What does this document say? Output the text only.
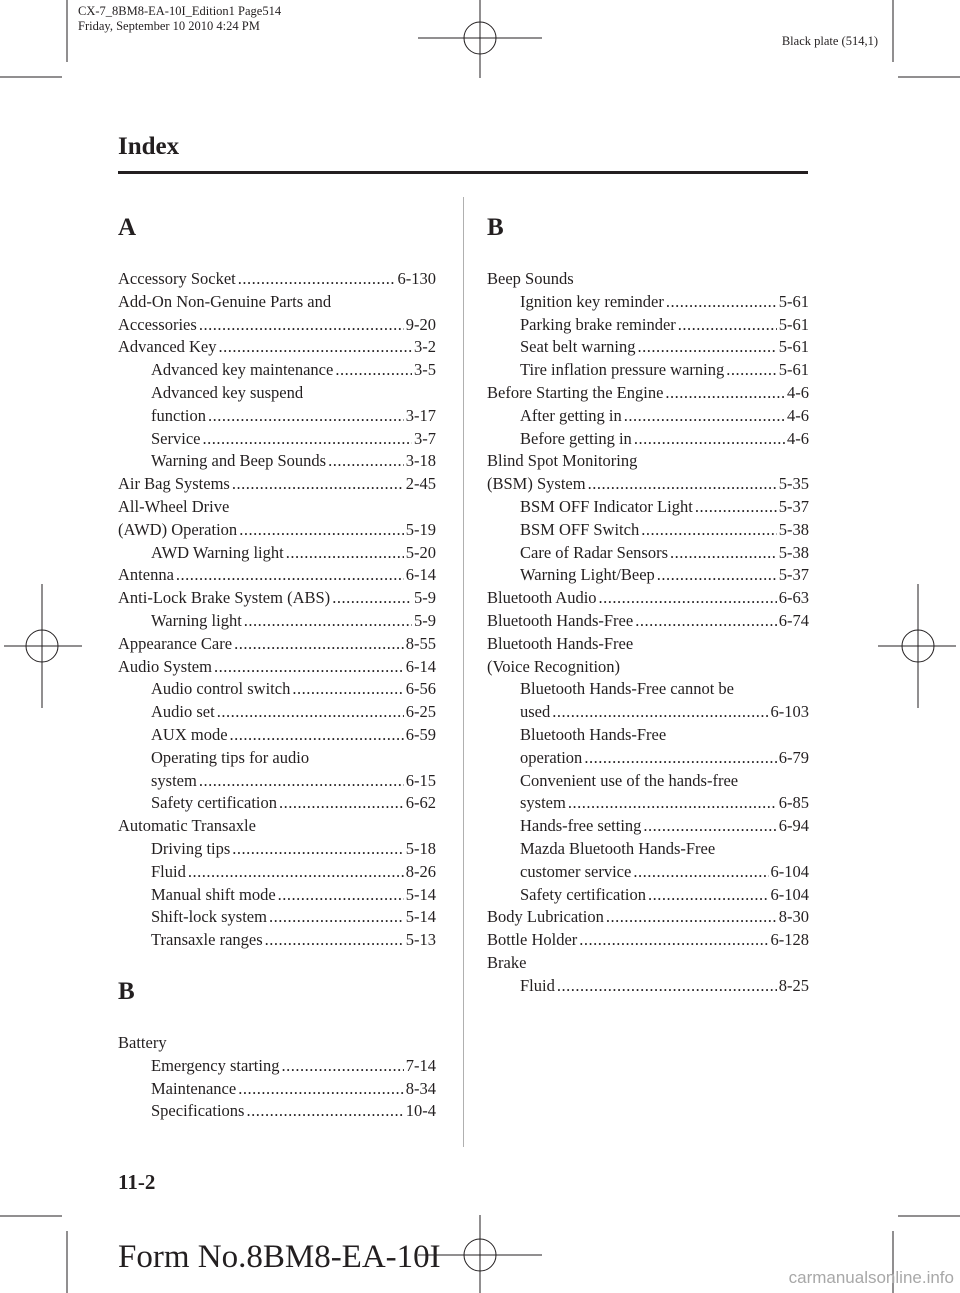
CX-7_8BM8-EA-10I_Edition1 Page514
Friday, September 10 2010 4:24 PM
Black plate (514,1)
Index
A
Accessory Socket .....	6-130
Add-On Non-Genuine Parts and
Accessories .....	9-20
Advanced Key .....	3-2
Advanced key maintenance .....	3-5
Advanced key suspend
function .....	3-17
Service .....	3-7
Warning and Beep Sounds .....	3-18
Air Bag Systems .....	2-45
All-Wheel Drive
(AWD) Operation .....	5-19
AWD Warning light .....	5-20
Antenna .....	6-14
Anti-Lock Brake System (ABS) .....	5-9
Warning light .....	5-9
Appearance Care .....	8-55
Audio System .....	6-14
Audio control switch .....	6-56
Audio set .....	6-25
AUX mode .....	6-59
Operating tips for audio
system .....	6-15
Safety certification .....	6-62
Automatic Transaxle
Driving tips .....	5-18
Fluid .....	8-26
Manual shift mode .....	5-14
Shift-lock system .....	5-14
Transaxle ranges .....	5-13
B
Battery
Emergency starting .....	7-14
Maintenance .....	8-34
Specifications .....	10-4
B
Beep Sounds
Ignition key reminder .....	5-61
Parking brake reminder .....	5-61
Seat belt warning .....	5-61
Tire inflation pressure warning .....	5-61
Before Starting the Engine .....	4-6
After getting in .....	4-6
Before getting in .....	4-6
Blind Spot Monitoring
(BSM) System .....	5-35
BSM OFF Indicator Light .....	5-37
BSM OFF Switch .....	5-38
Care of Radar Sensors .....	5-38
Warning Light/Beep .....	5-37
Bluetooth Audio .....	6-63
Bluetooth Hands-Free .....	6-74
Bluetooth Hands-Free
(Voice Recognition)
Bluetooth Hands-Free cannot be
used .....	6-103
Bluetooth Hands-Free
operation .....	6-79
Convenient use of the hands-free
system .....	6-85
Hands-free setting .....	6-94
Mazda Bluetooth Hands-Free
customer service .....	6-104
Safety certification .....	6-104
Body Lubrication .....	8-30
Bottle Holder .....	6-128
Brake
Fluid .....	8-25
11-2
Form No.8BM8-EA-10I
carmanualsonline.info
